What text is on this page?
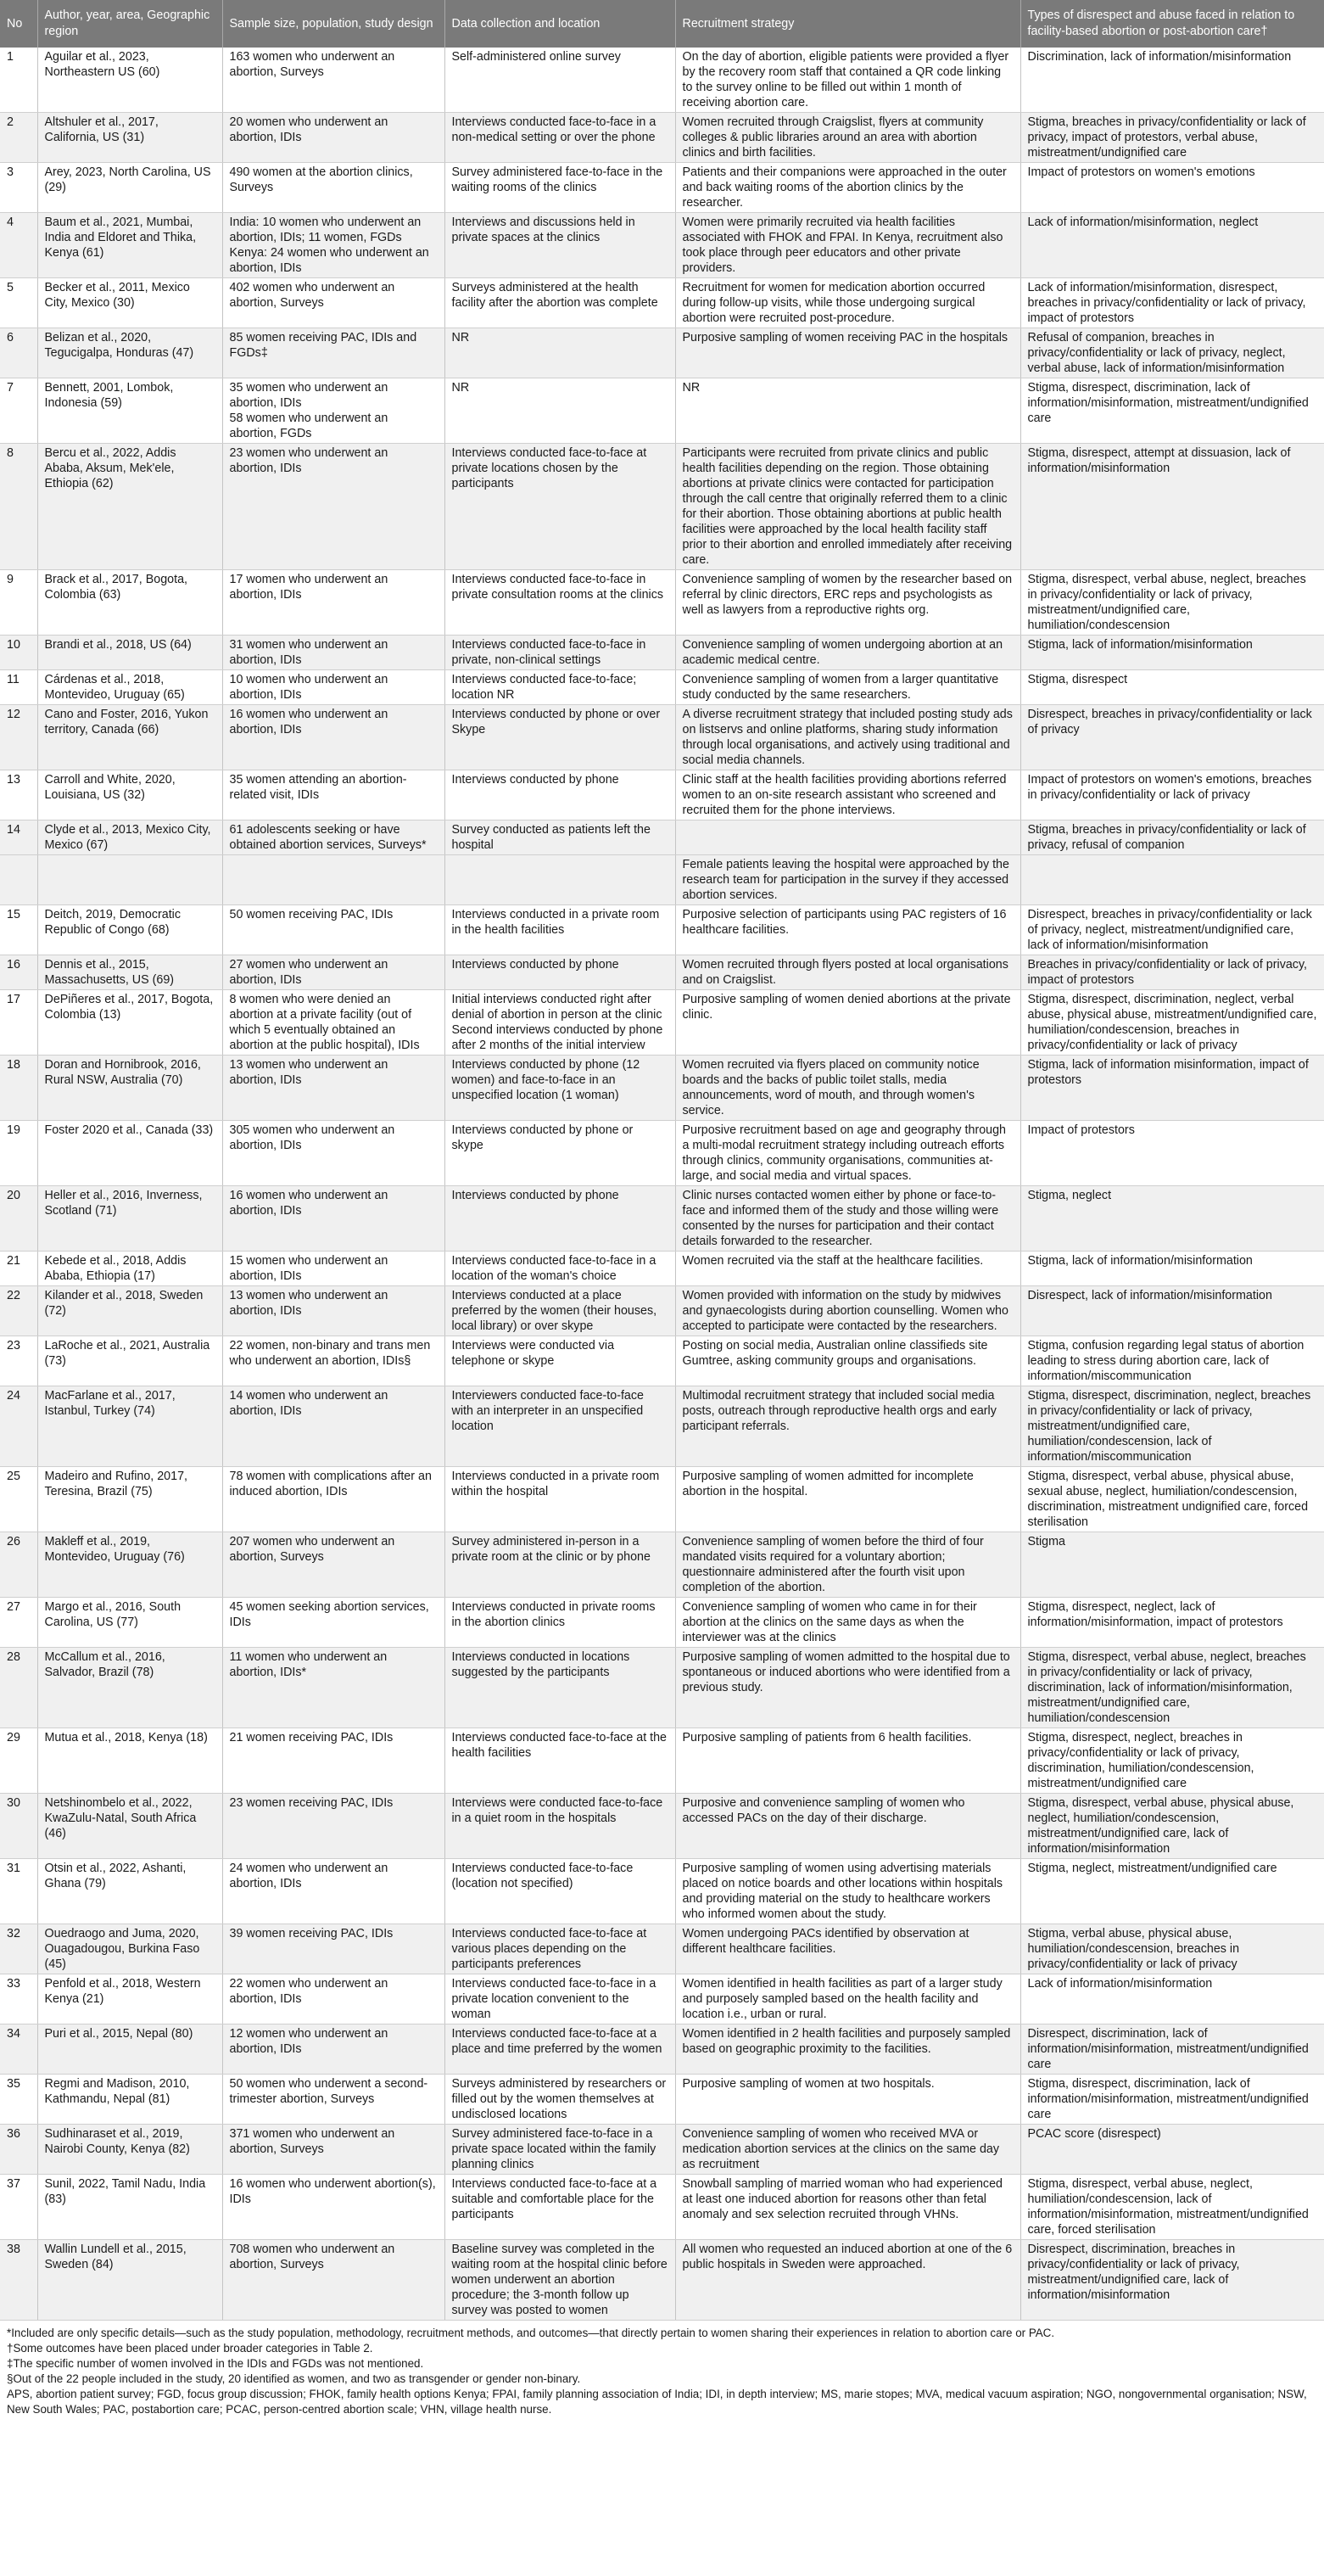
No	Author, year, area, Geographic region	Sample size, population, study design	Data collection and location	Recruitment strategy	Types of disrespect and abuse faced in relation to facility-based abortion or post-abortion care†
1	Aguilar et al., 2023, Northeastern US (60)	163 women who underwent an abortion, Surveys	Self-administered online survey	On the day of abortion, eligible patients were provided a flyer by the recovery room staff that contained a QR code linking to the survey online to be filled out within 1 month of receiving abortion care.	Discrimination, lack of information/misinformation
2	Altshuler et al., 2017, California, US (31)	20 women who underwent an abortion, IDIs	Interviews conducted face-to-face in a non-medical setting or over the phone	Women recruited through Craigslist, flyers at community colleges & public libraries around an area with abortion clinics and birth facilities.	Stigma, breaches in privacy/confidentiality or lack of privacy, impact of protestors, verbal abuse, mistreatment/undignified care
3	Arey, 2023, North Carolina, US (29)	490 women at the abortion clinics, Surveys	Survey administered face-to-face in the waiting rooms of the clinics	Patients and their companions were approached in the outer and back waiting rooms of the abortion clinics by the researcher.	Impact of protestors on women's emotions
4	Baum et al., 2021, Mumbai, India and Eldoret and Thika, Kenya (61)	India: 10 women who underwent an abortion, IDIs; 11 women, FGDs
Kenya: 24 women who underwent an abortion, IDIs	Interviews and discussions held in private spaces at the clinics	Women were primarily recruited via health facilities associated with FHOK and FPAI. In Kenya, recruitment also took place through peer educators and other private providers.	Lack of information/misinformation, neglect
5	Becker et al., 2011, Mexico City, Mexico (30)	402 women who underwent an abortion, Surveys	Surveys administered at the health facility after the abortion was complete	Recruitment for women for medication abortion occurred during follow-up visits, while those undergoing surgical abortion were recruited post-procedure.	Lack of information/misinformation, disrespect, breaches in privacy/confidentiality or lack of privacy, impact of protestors
6	Belizan et al., 2020, Tegucigalpa, Honduras (47)	85 women receiving PAC, IDIs and FGDs‡	NR	Purposive sampling of women receiving PAC in the hospitals	Refusal of companion, breaches in privacy/confidentiality or lack of privacy, neglect, verbal abuse, lack of information/misinformation
7	Bennett, 2001, Lombok, Indonesia (59)	35 women who underwent an abortion, IDIs
58 women who underwent an abortion, FGDs	NR	NR	Stigma, disrespect, discrimination, lack of information/misinformation, mistreatment/undignified care
8	Bercu et al., 2022, Addis Ababa, Aksum, Mek'ele, Ethiopia (62)	23 women who underwent an abortion, IDIs	Interviews conducted face-to-face at private locations chosen by the participants	Participants were recruited from private clinics and public health facilities depending on the region. Those obtaining abortions at private clinics were contacted for participation through the call centre that originally referred them to a clinic for their abortion. Those obtaining abortions at public health facilities were approached by the local health facility staff prior to their abortion and enrolled immediately after receiving care.	Stigma, disrespect, attempt at dissuasion, lack of information/misinformation
9	Brack et al., 2017, Bogota, Colombia (63)	17 women who underwent an abortion, IDIs	Interviews conducted face-to-face in private consultation rooms at the clinics	Convenience sampling of women by the researcher based on referral by clinic directors, ERC reps and psychologists as well as lawyers from a reproductive rights org.	Stigma, disrespect, verbal abuse, neglect, breaches in privacy/confidentiality or lack of privacy, mistreatment/undignified care, humiliation/condescension
10	Brandi et al., 2018, US (64)	31 women who underwent an abortion, IDIs	Interviews conducted face-to-face in private, non-clinical settings	Convenience sampling of women undergoing abortion at an academic medical centre.	Stigma, lack of information/misinformation
11	Cárdenas et al., 2018, Montevideo, Uruguay (65)	10 women who underwent an abortion, IDIs	Interviews conducted face-to-face; location NR	Convenience sampling of women from a larger quantitative study conducted by the same researchers.	Stigma, disrespect
12	Cano and Foster, 2016, Yukon territory, Canada (66)	16 women who underwent an abortion, IDIs	Interviews conducted by phone or over Skype	A diverse recruitment strategy that included posting study ads on listservs and online platforms, sharing study information through local organisations, and actively using traditional and social media channels.	Disrespect, breaches in privacy/confidentiality or lack of privacy
13	Carroll and White, 2020, Louisiana, US (32)	35 women attending an abortion-related visit, IDIs	Interviews conducted by phone	Clinic staff at the health facilities providing abortions referred women to an on-site research assistant who screened and recruited them for the phone interviews.	Impact of protestors on women's emotions, breaches in privacy/confidentiality or lack of privacy
14	Clyde et al., 2013, Mexico City, Mexico (67)	61 adolescents seeking or have obtained abortion services, Surveys*	Survey conducted as patients left the hospital		Stigma, breaches in privacy/confidentiality or lack of privacy, refusal of companion
				Female patients leaving the hospital were approached by the research team for participation in the survey if they accessed abortion services.	
15	Deitch, 2019, Democratic Republic of Congo (68)	50 women receiving PAC, IDIs	Interviews conducted in a private room in the health facilities	Purposive selection of participants using PAC registers of 16 healthcare facilities.	Disrespect, breaches in privacy/confidentiality or lack of privacy, neglect, mistreatment/undignified care, lack of information/misinformation
16	Dennis et al., 2015, Massachusetts, US (69)	27 women who underwent an abortion, IDIs	Interviews conducted by phone	Women recruited through flyers posted at local organisations and on Craigslist.	Breaches in privacy/confidentiality or lack of privacy, impact of protestors
17	DePiñeres et al., 2017, Bogota, Colombia (13)	8 women who were denied an abortion at a private facility (out of which 5 eventually obtained an abortion at the public hospital), IDIs	Initial interviews conducted right after denial of abortion in person at the clinic
Second interviews conducted by phone after 2 months of the initial interview	Purposive sampling of women denied abortions at the private clinic.	Stigma, disrespect, discrimination, neglect, verbal abuse, physical abuse, mistreatment/undignified care, humiliation/condescension, breaches in privacy/confidentiality or lack of privacy
18	Doran and Hornibrook, 2016, Rural NSW, Australia (70)	13 women who underwent an abortion, IDIs	Interviews conducted by phone (12 women) and face-to-face in an unspecified location (1 woman)	Women recruited via flyers placed on community notice boards and the backs of public toilet stalls, media announcements, word of mouth, and through women's service.	Stigma, lack of information misinformation, impact of protestors
19	Foster 2020 et al., Canada (33)	305 women who underwent an abortion, IDIs	Interviews conducted by phone or skype	Purposive recruitment based on age and geography through a multi-modal recruitment strategy including outreach efforts through clinics, community organisations, communities at-large, and social media and virtual spaces.	Impact of protestors
20	Heller et al., 2016, Inverness, Scotland (71)	16 women who underwent an abortion, IDIs	Interviews conducted by phone	Clinic nurses contacted women either by phone or face-to-face and informed them of the study and those willing were consented by the nurses for participation and their contact details forwarded to the researcher.	Stigma, neglect
21	Kebede et al., 2018, Addis Ababa, Ethiopia (17)	15 women who underwent an abortion, IDIs	Interviews conducted face-to-face in a location of the woman's choice	Women recruited via the staff at the healthcare facilities.	Stigma, lack of information/misinformation
22	Kilander et al., 2018, Sweden (72)	13 women who underwent an abortion, IDIs	Interviews conducted at a place preferred by the women (their houses, local library) or over skype	Women provided with information on the study by midwives and gynaecologists during abortion counselling. Women who accepted to participate were contacted by the researchers.	Disrespect, lack of information/misinformation
23	LaRoche et al., 2021, Australia (73)	22 women, non-binary and trans men who underwent an abortion, IDIs§	Interviews were conducted via telephone or skype	Posting on social media, Australian online classifieds site Gumtree, asking community groups and organisations.	Stigma, confusion regarding legal status of abortion leading to stress during abortion care, lack of information/miscommunication
24	MacFarlane et al., 2017, Istanbul, Turkey (74)	14 women who underwent an abortion, IDIs	Interviewers conducted face-to-face with an interpreter in an unspecified location	Multimodal recruitment strategy that included social media posts, outreach through reproductive health orgs and early participant referrals.	Stigma, disrespect, discrimination, neglect, breaches in privacy/confidentiality or lack of privacy, mistreatment/undignified care, humiliation/condescension, lack of information/miscommunication
25	Madeiro and Rufino, 2017, Teresina, Brazil (75)	78 women with complications after an induced abortion, IDIs	Interviews conducted in a private room within the hospital	Purposive sampling of women admitted for incomplete abortion in the hospital.	Stigma, disrespect, verbal abuse, physical abuse, sexual abuse, neglect, humiliation/condescension, discrimination, mistreatment undignified care, forced sterilisation
26	Makleff et al., 2019, Montevideo, Uruguay (76)	207 women who underwent an abortion, Surveys	Survey administered in-person in a private room at the clinic or by phone	Convenience sampling of women before the third of four mandated visits required for a voluntary abortion; questionnaire administered after the fourth visit upon completion of the abortion.	Stigma
27	Margo et al., 2016, South Carolina, US (77)	45 women seeking abortion services, IDIs	Interviews conducted in private rooms in the abortion clinics	Convenience sampling of women who came in for their abortion at the clinics on the same days as when the interviewer was at the clinics	Stigma, disrespect, neglect, lack of information/misinformation, impact of protestors
28	McCallum et al., 2016, Salvador, Brazil (78)	11 women who underwent an abortion, IDIs*	Interviews conducted in locations suggested by the participants	Purposive sampling of women admitted to the hospital due to spontaneous or induced abortions who were identified from a previous study.	Stigma, disrespect, verbal abuse, neglect, breaches in privacy/confidentiality or lack of privacy, discrimination, lack of information/misinformation, mistreatment/undignified care, humiliation/condescension
29	Mutua et al., 2018, Kenya (18)	21 women receiving PAC, IDIs	Interviews conducted face-to-face at the health facilities	Purposive sampling of patients from 6 health facilities.	Stigma, disrespect, neglect, breaches in privacy/confidentiality or lack of privacy, discrimination, humiliation/condescension, mistreatment/undignified care
30	Netshinombelo et al., 2022, KwaZulu-Natal, South Africa (46)	23 women receiving PAC, IDIs	Interviews were conducted face-to-face in a quiet room in the hospitals	Purposive and convenience sampling of women who accessed PACs on the day of their discharge.	Stigma, disrespect, verbal abuse, physical abuse, neglect, humiliation/condescension, mistreatment/undignified care, lack of information/misinformation
31	Otsin et al., 2022, Ashanti, Ghana (79)	24 women who underwent an abortion, IDIs	Interviews conducted face-to-face (location not specified)	Purposive sampling of women using advertising materials placed on notice boards and other locations within hospitals and providing material on the study to healthcare workers who informed women about the study.	Stigma, neglect, mistreatment/undignified care
32	Ouedraogo and Juma, 2020, Ouagadougou, Burkina Faso (45)	39 women receiving PAC, IDIs	Interviews conducted face-to-face at various places depending on the participants preferences	Women undergoing PACs identified by observation at different healthcare facilities.	Stigma, verbal abuse, physical abuse, humiliation/condescension, breaches in privacy/confidentiality or lack of privacy
33	Penfold et al., 2018, Western Kenya (21)	22 women who underwent an abortion, IDIs	Interviews conducted face-to-face in a private location convenient to the woman	Women identified in health facilities as part of a larger study and purposely sampled based on the health facility and location i.e., urban or rural.	Lack of information/misinformation
34	Puri et al., 2015, Nepal (80)	12 women who underwent an abortion, IDIs	Interviews conducted face-to-face at a place and time preferred by the women	Women identified in 2 health facilities and purposely sampled based on geographic proximity to the facilities.	Disrespect, discrimination, lack of information/misinformation, mistreatment/undignified care
35	Regmi and Madison, 2010, Kathmandu, Nepal (81)	50 women who underwent a second-trimester abortion, Surveys	Surveys administered by researchers or filled out by the women themselves at undisclosed locations	Purposive sampling of women at two hospitals.	Stigma, disrespect, discrimination, lack of information/misinformation, mistreatment/undignified care
36	Sudhinaraset et al., 2019, Nairobi County, Kenya (82)	371 women who underwent an abortion, Surveys	Survey administered face-to-face in a private space located within the family planning clinics	Convenience sampling of women who received MVA or medication abortion services at the clinics on the same day as recruitment	PCAC score (disrespect)
37	Sunil, 2022, Tamil Nadu, India (83)	16 women who underwent abortion(s), IDIs	Interviews conducted face-to-face at a suitable and comfortable place for the participants	Snowball sampling of married woman who had experienced at least one induced abortion for reasons other than fetal anomaly and sex selection recruited through VHNs.	Stigma, disrespect, verbal abuse, neglect, humiliation/condescension, lack of information/misinformation, mistreatment/undignified care, forced sterilisation
38	Wallin Lundell et al., 2015, Sweden (84)	708 women who underwent an abortion, Surveys	Baseline survey was completed in the waiting room at the hospital clinic before women underwent an abortion procedure; the 3-month follow up survey was posted to women	All women who requested an induced abortion at one of the 6 public hospitals in Sweden were approached.	Disrespect, discrimination, breaches in privacy/confidentiality or lack of privacy, mistreatment/undignified care, lack of information/misinformation

*Included are only specific details—such as the study population, methodology, recruitment methods, and outcomes—that directly pertain to women sharing their experiences in relation to abortion care or PAC.

†Some outcomes have been placed under broader categories in Table 2.

‡The specific number of women involved in the IDIs and FGDs was not mentioned.

§Out of the 22 people included in the study, 20 identified as women, and two as transgender or gender non-binary.

APS, abortion patient survey; FGD, focus group discussion; FHOK, family health options Kenya; FPAI, family planning association of India; IDI, in depth interview; MS, marie stopes; MVA, medical vacuum aspiration; NGO, nongovernmental organisation; NSW, New South Wales; PAC, postabortion care; PCAC, person-centred abortion scale; VHN, village health nurse.
